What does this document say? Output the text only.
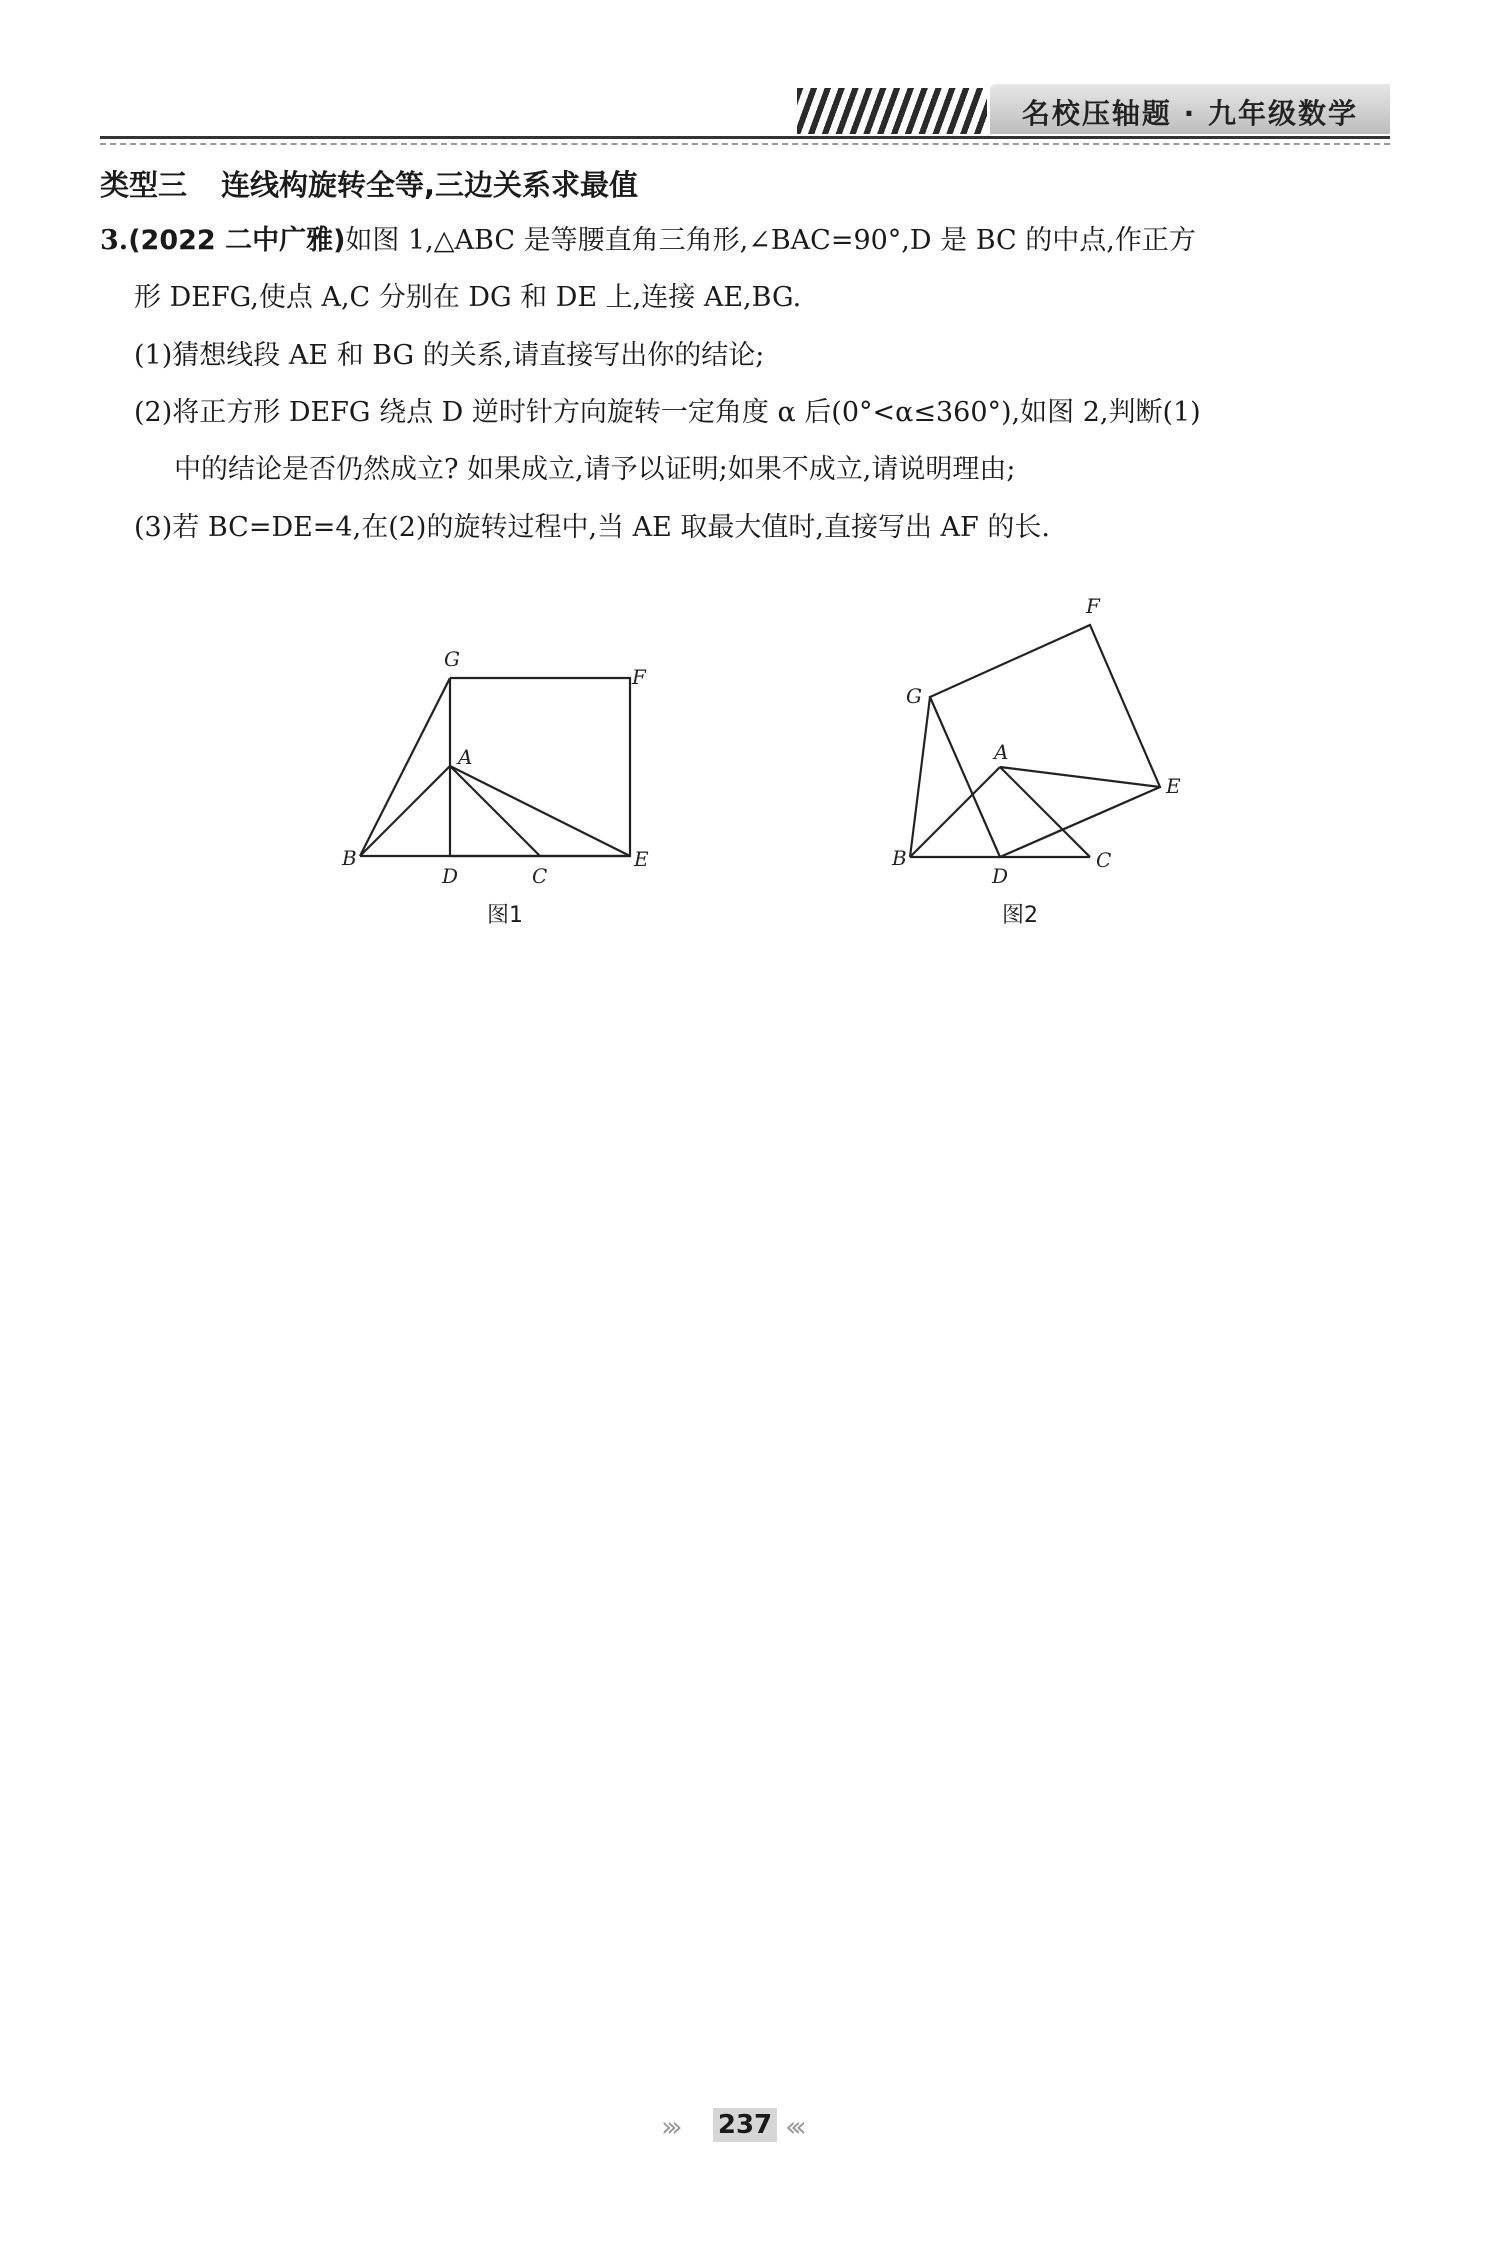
名校压轴题 · 九年级数学
类型三 连线构旋转全等,三边关系求最值
3.(2022 二中广雅)如图 1,△ABC 是等腰直角三角形,∠BAC=90°,D 是 BC 的中点,作正方
形 DEFG,使点 A,C 分别在 DG 和 DE 上,连接 AE,BG.
(1)猜想线段 AE 和 BG 的关系,请直接写出你的结论;
(2)将正方形 DEFG 绕点 D 逆时针方向旋转一定角度 α 后(0°<α≤360°),如图 2,判断(1)
中的结论是否仍然成立? 如果成立,请予以证明;如果不成立,请说明理由;
(3)若 BC=DE=4,在(2)的旋转过程中,当 AE 取最大值时,直接写出 AF 的长.
G
F
A
B
D	C
E
图1
F
G
A
E
B
D
C
图2
››› 237 ‹‹‹
